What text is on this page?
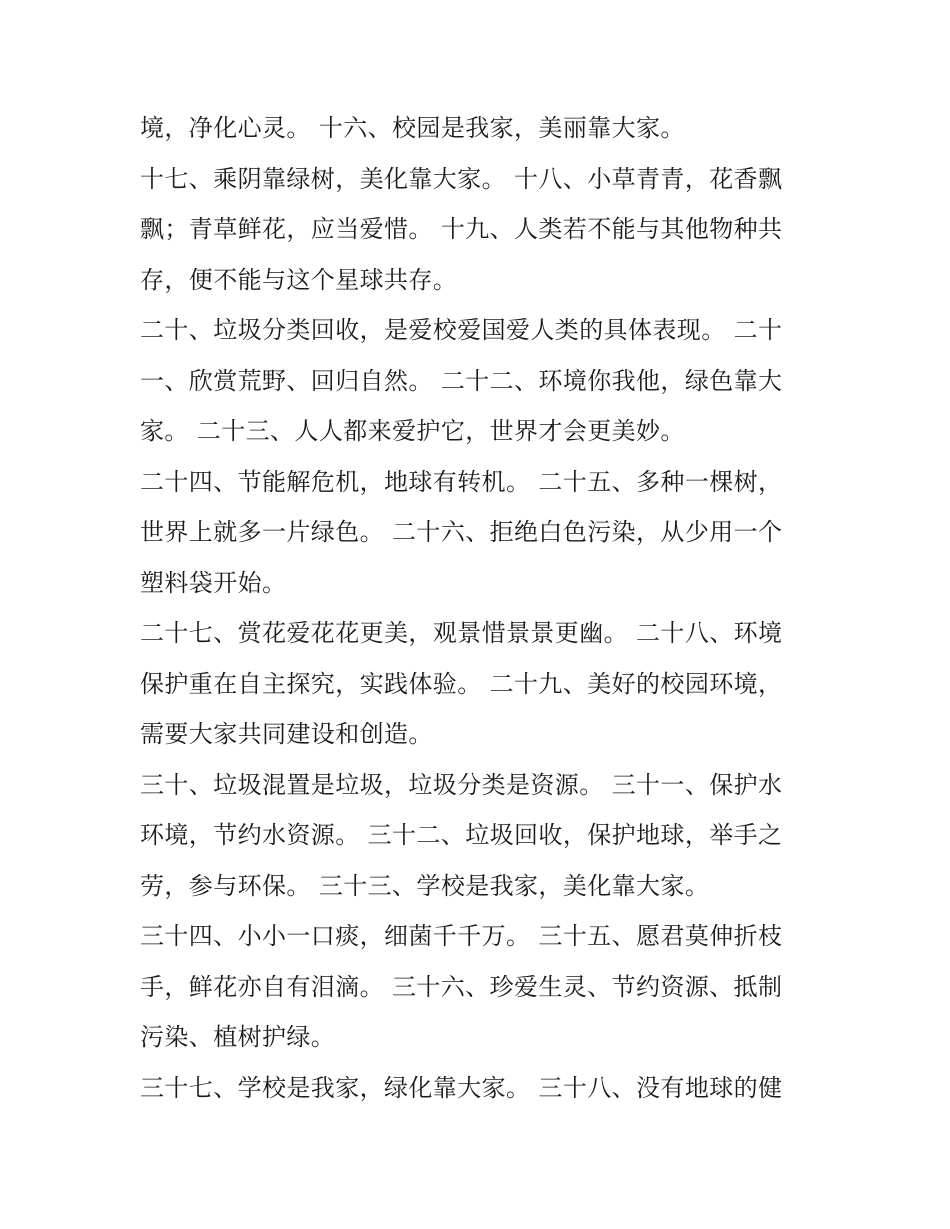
境，净化心灵。 十六、校园是我家，美丽靠大家。
十七、乘阴靠绿树，美化靠大家。 十八、小草青青，花香飘
飘；青草鲜花，应当爱惜。 十九、人类若不能与其他物种共
存，便不能与这个星球共存。
二十、垃圾分类回收，是爱校爱国爱人类的具体表现。 二十
一、欣赏荒野、回归自然。 二十二、环境你我他，绿色靠大
家。 二十三、人人都来爱护它，世界才会更美妙。
二十四、节能解危机，地球有转机。 二十五、多种一棵树，
世界上就多一片绿色。 二十六、拒绝白色污染，从少用一个
塑料袋开始。
二十七、赏花爱花花更美，观景惜景景更幽。 二十八、环境
保护重在自主探究，实践体验。 二十九、美好的校园环境，
需要大家共同建设和创造。
三十、垃圾混置是垃圾，垃圾分类是资源。 三十一、保护水
环境，节约水资源。 三十二、垃圾回收，保护地球，举手之
劳，参与环保。 三十三、学校是我家，美化靠大家。
三十四、小小一口痰，细菌千千万。 三十五、愿君莫伸折枝
手，鲜花亦自有泪滴。 三十六、珍爱生灵、节约资源、抵制
污染、植树护绿。
三十七、学校是我家，绿化靠大家。 三十八、没有地球的健
